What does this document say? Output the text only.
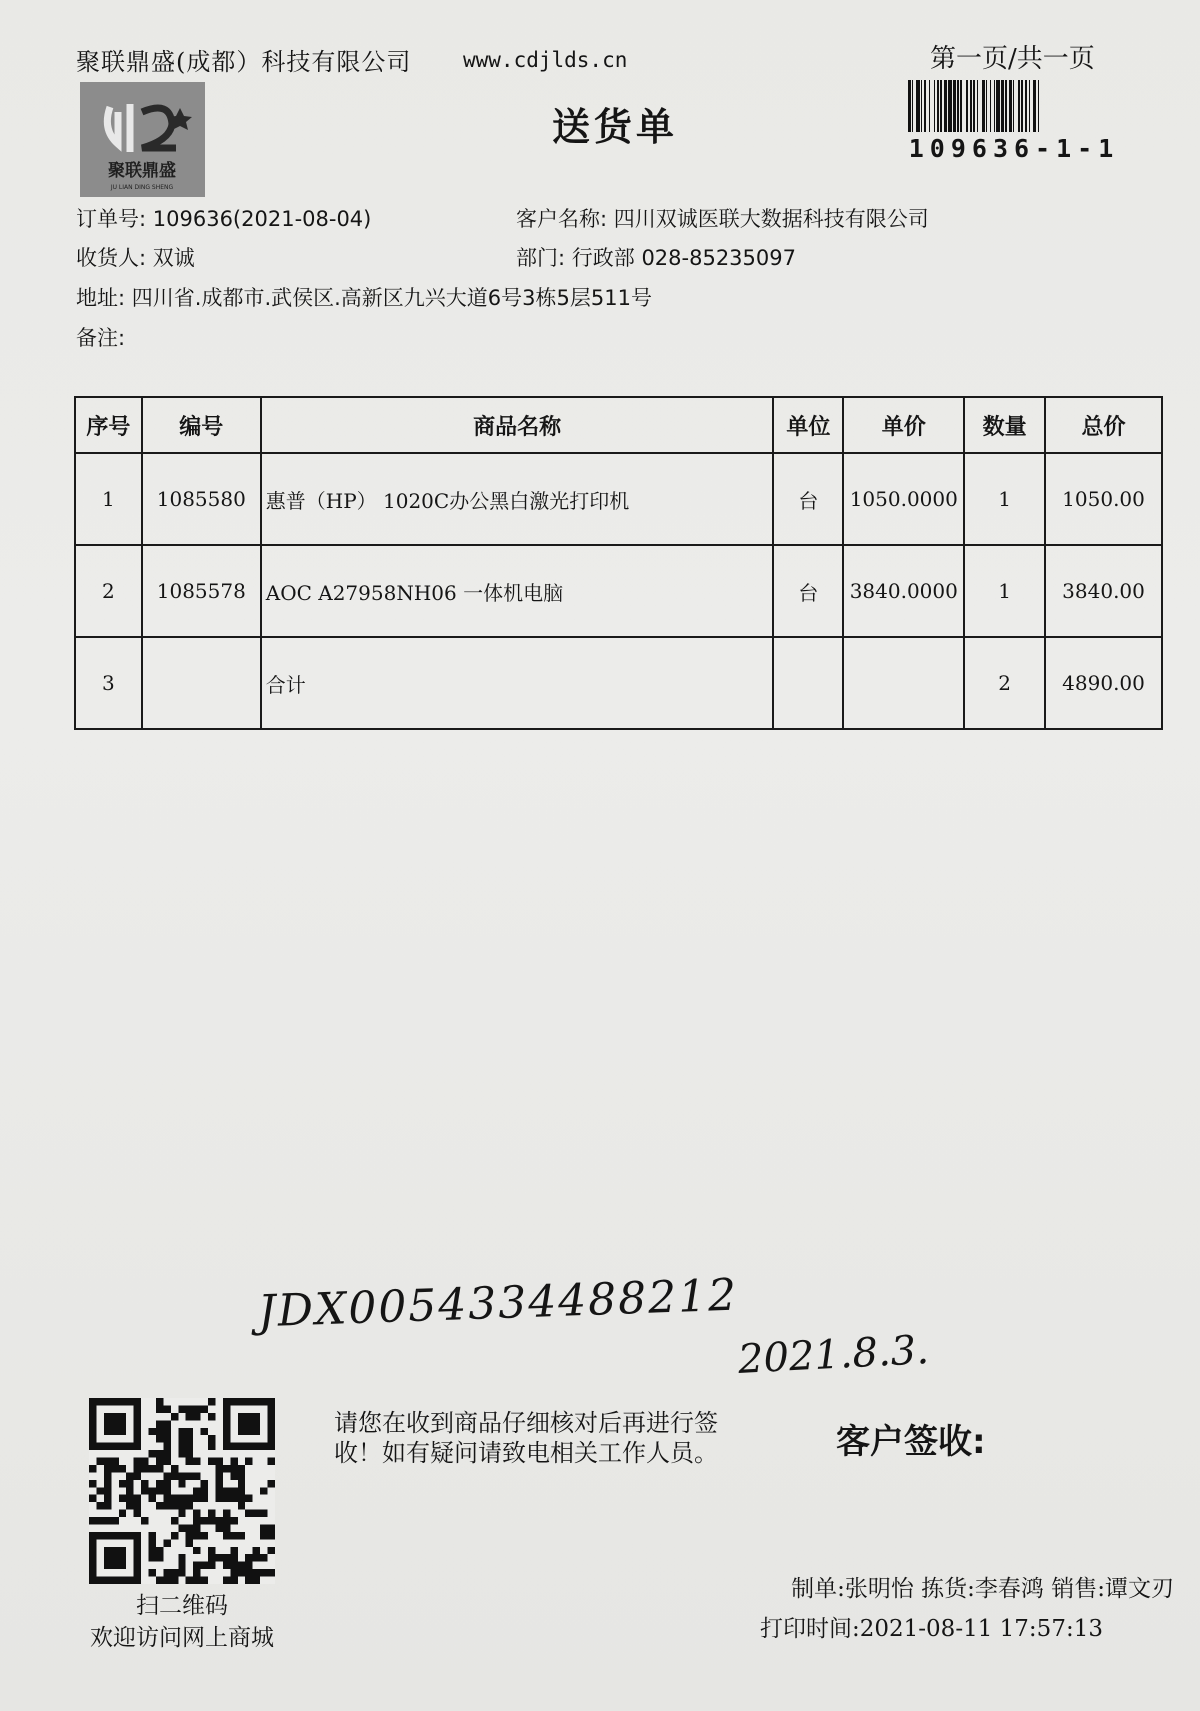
聚联鼎盛(成都）科技有限公司 www.cdjlds.cn	第一页/共一页
109636-1-1
聚联鼎盛
JU LIAN DING SHENG
送货单
订单号: 109636(2021-08-04)	客户名称: 四川双诚医联大数据科技有限公司
收货人: 双诚	部门: 行政部 028-85235097
地址: 四川省.成都市.武侯区.高新区九兴大道6号3栋5层511号
备注:
序号	编号	商品名称	单位	单价	数量	总价
1	1085580	惠普（HP） 1020C办公黑白激光打印机	台	1050.0000	1	1050.00
2	1085578	AOC A27958NH06 一体机电脑	台	3840.0000	1	3840.00
3		合计			2	4890.00
JDX0054334488212
2021.8.3.
扫二维码
欢迎访问网上商城
请您在收到商品仔细核对后再进行签
收！如有疑问请致电相关工作人员。	客户签收:
制单:张明怡 拣货:李春鸿 销售:谭文刃
打印时间:2021-08-11 17:57:13
